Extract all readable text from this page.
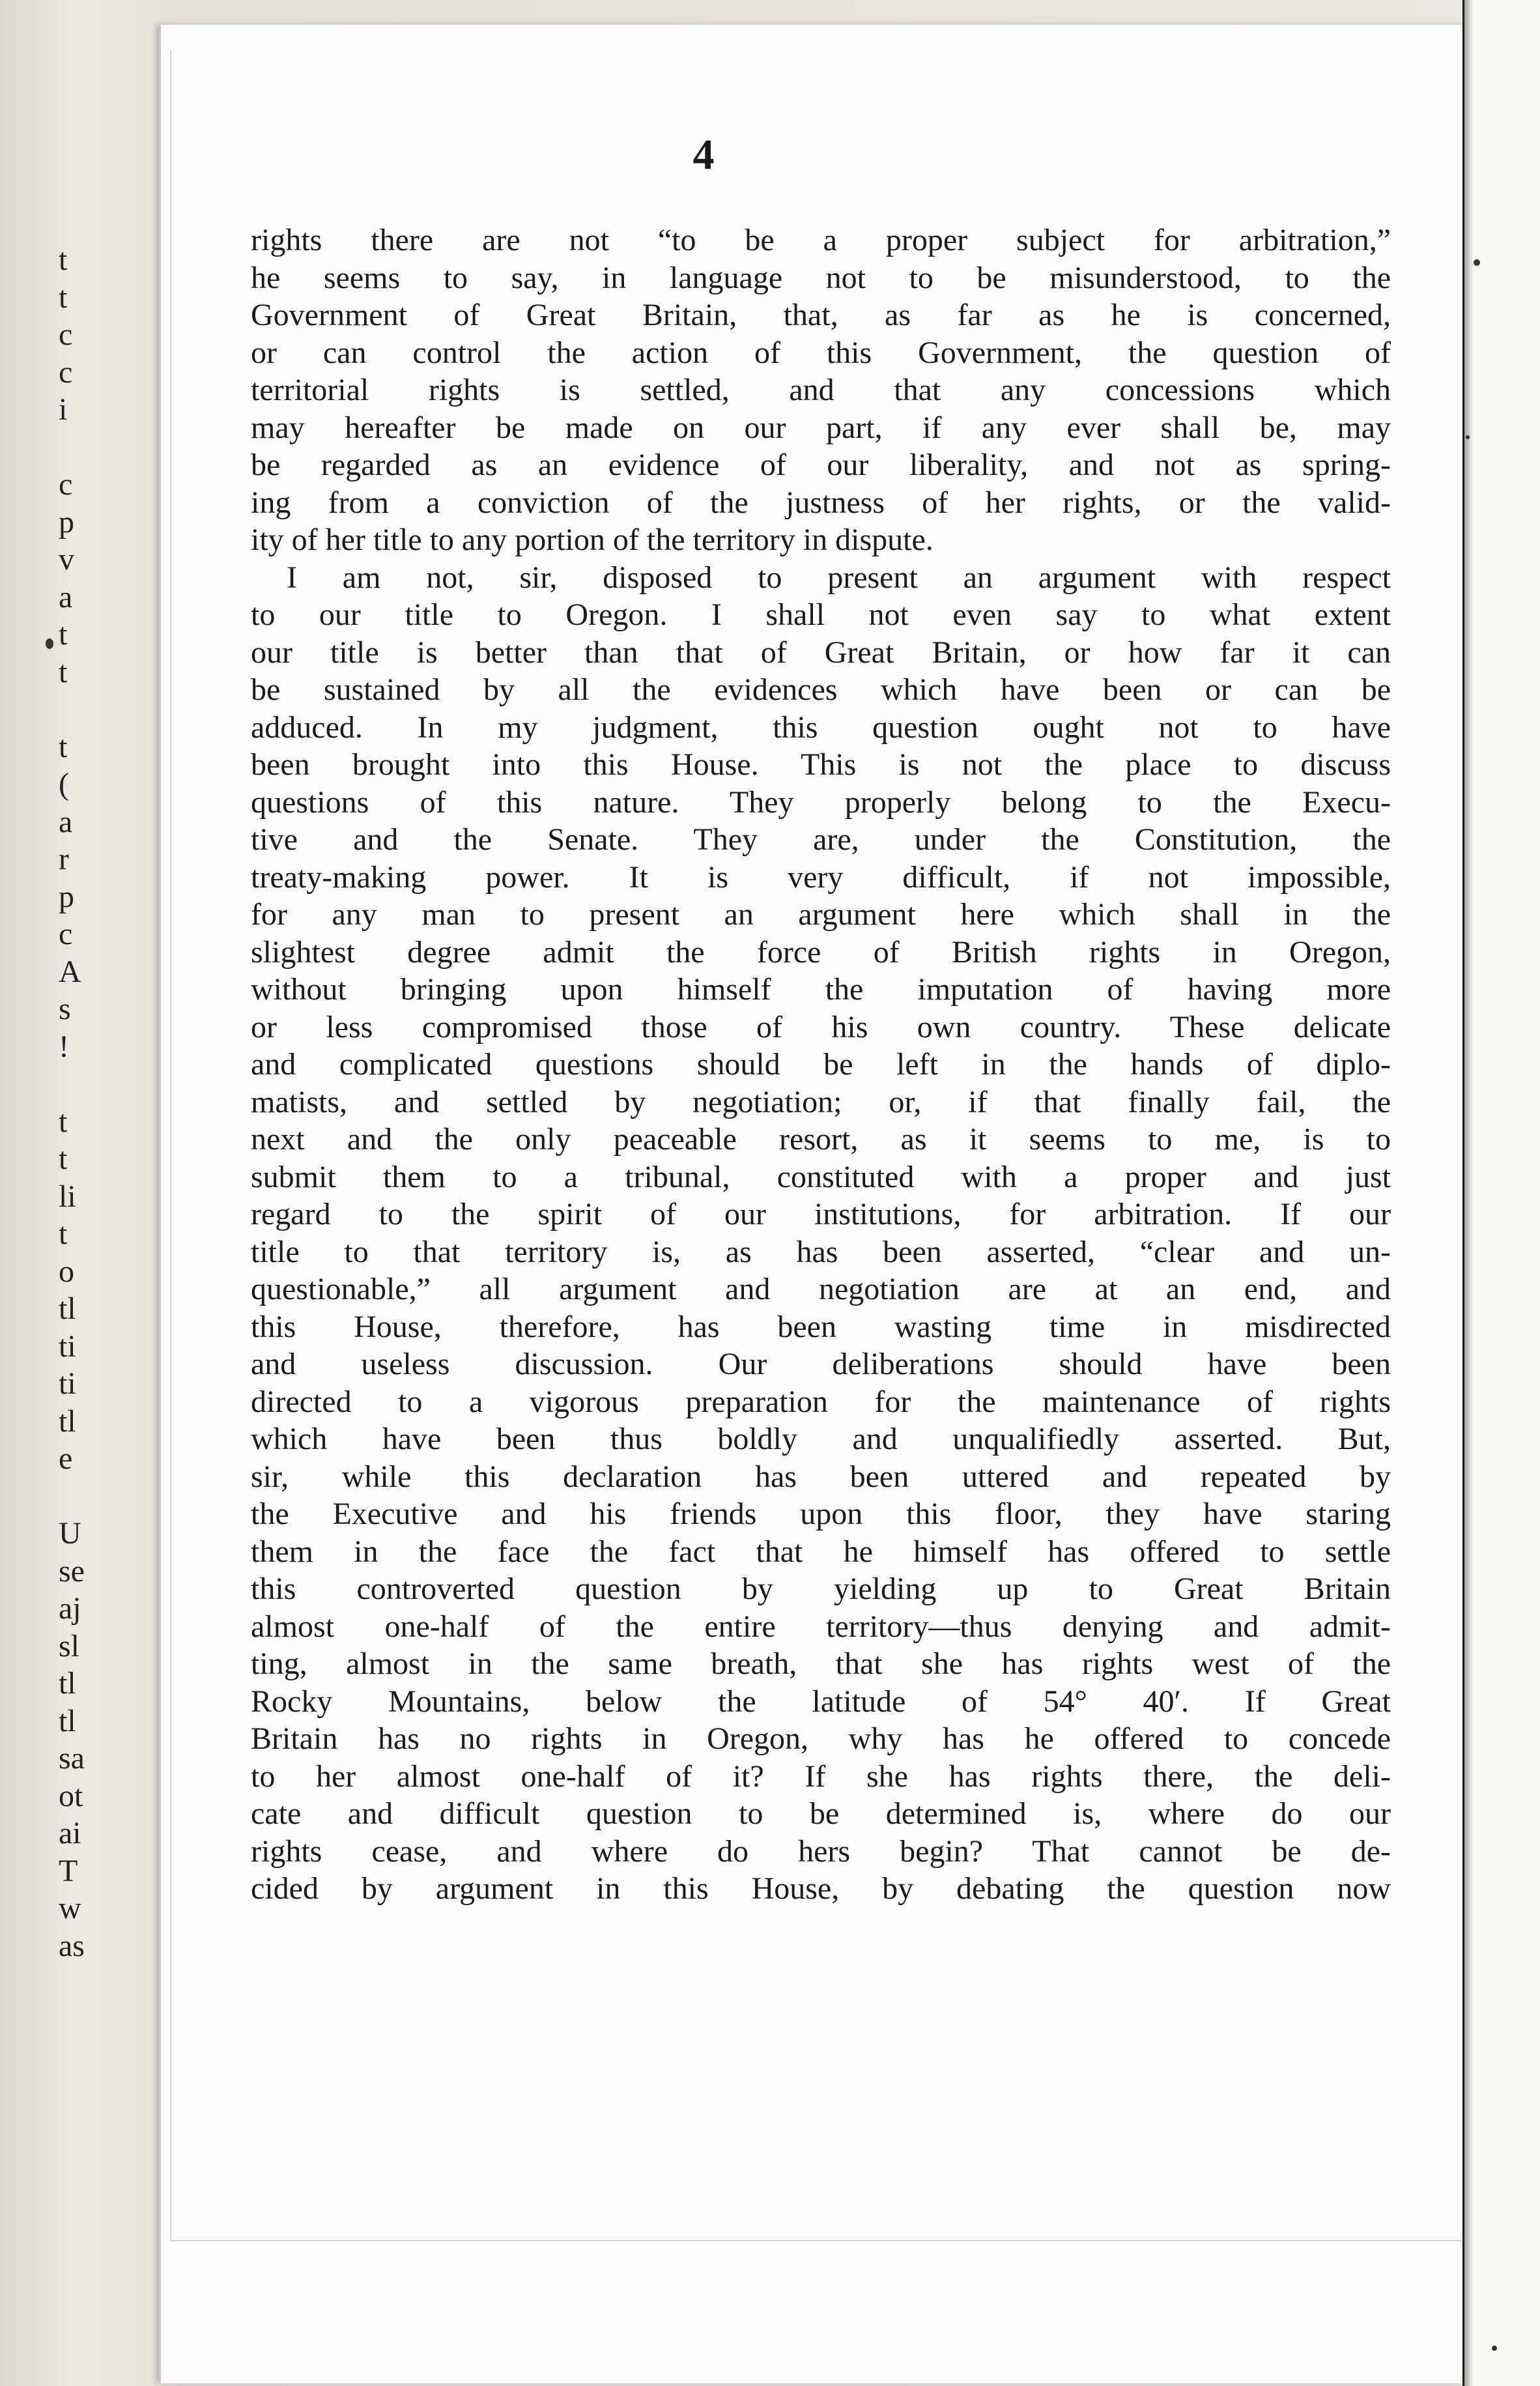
4
rights there are not “to be a proper subject for arbitration,”
he seems to say, in language not to be misunderstood, to the
Government of Great Britain, that, as far as he is concerned,
or can control the action of this Government, the question of
territorial rights is settled, and that any concessions which
may hereafter be made on our part, if any ever shall be, may
be regarded as an evidence of our liberality, and not as spring-
ing from a conviction of the justness of her rights, or the valid-
ity of her title to any portion of the territory in dispute.
I am not, sir, disposed to present an argument with respect
to our title to Oregon. I shall not even say to what extent
our title is better than that of Great Britain, or how far it can
be sustained by all the evidences which have been or can be
adduced. In my judgment, this question ought not to have
been brought into this House. This is not the place to discuss
questions of this nature. They properly belong to the Execu-
tive and the Senate. They are, under the Constitution, the
treaty-making power. It is very difficult, if not impossible,
for any man to present an argument here which shall in the
slightest degree admit the force of British rights in Oregon,
without bringing upon himself the imputation of having more
or less compromised those of his own country. These delicate
and complicated questions should be left in the hands of diplo-
matists, and settled by negotiation; or, if that finally fail, the
next and the only peaceable resort, as it seems to me, is to
submit them to a tribunal, constituted with a proper and just
regard to the spirit of our institutions, for arbitration. If our
title to that territory is, as has been asserted, “clear and un-
questionable,” all argument and negotiation are at an end, and
this House, therefore, has been wasting time in misdirected
and useless discussion. Our deliberations should have been
directed to a vigorous preparation for the maintenance of rights
which have been thus boldly and unqualifiedly asserted. But,
sir, while this declaration has been uttered and repeated by
the Executive and his friends upon this floor, they have staring
them in the face the fact that he himself has offered to settle
this controverted question by yielding up to Great Britain
almost one-half of the entire territory—thus denying and admit-
ting, almost in the same breath, that she has rights west of the
Rocky Mountains, below the latitude of 54° 40′. If Great
Britain has no rights in Oregon, why has he offered to concede
to her almost one-half of it? If she has rights there, the deli-
cate and difficult question to be determined is, where do our
rights cease, and where do hers begin? That cannot be de-
cided by argument in this House, by debating the question now
t
t
c
c
i

c
p
v
a
t
t

t
(
a
r
p
c
A
s
!

t
t
li
t
o
tl
ti
ti
tl
e

U
se
aj
sl
tl
tl
sa
ot
ai
T
w
as
